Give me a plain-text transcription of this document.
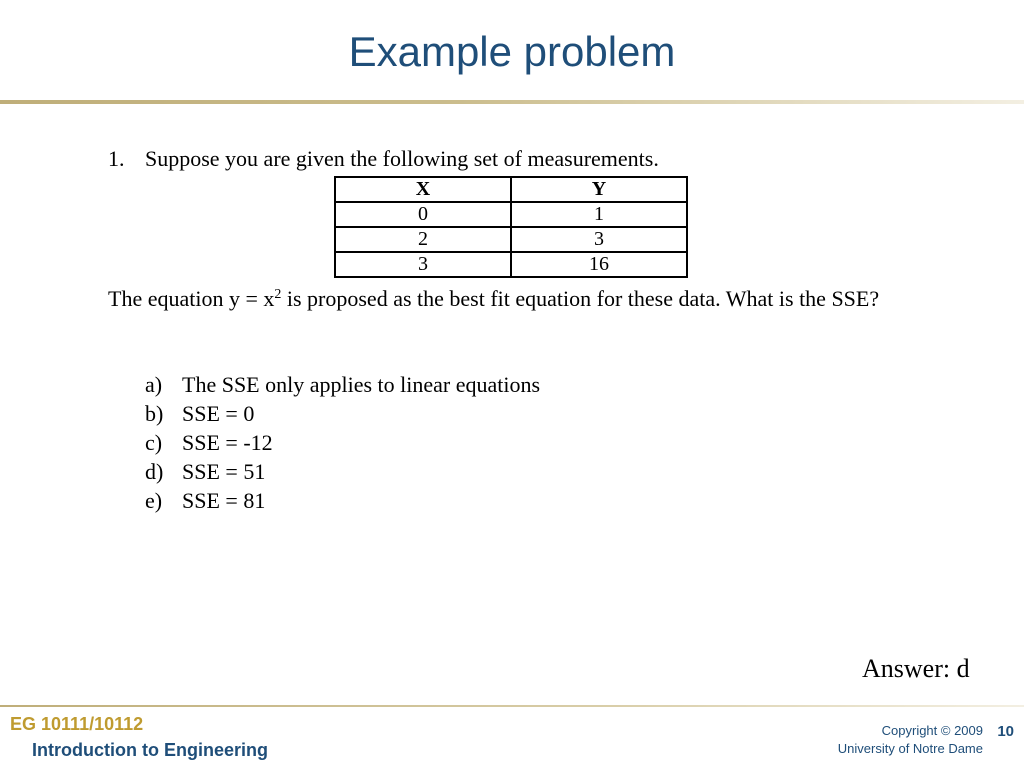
Example problem
1. Suppose you are given the following set of measurements.
X	Y
0	1
2	3
3	16
The equation $y = x^2$ is proposed as the best fit equation for these data. What is the SSE?
a) The SSE only applies to linear equations
b) SSE = 0
c) SSE = -12
d) SSE = 51
e) SSE = 81
Answer: d
EG 10111/10112
Introduction to Engineering
Copyright © 2009
University of Notre Dame
10
